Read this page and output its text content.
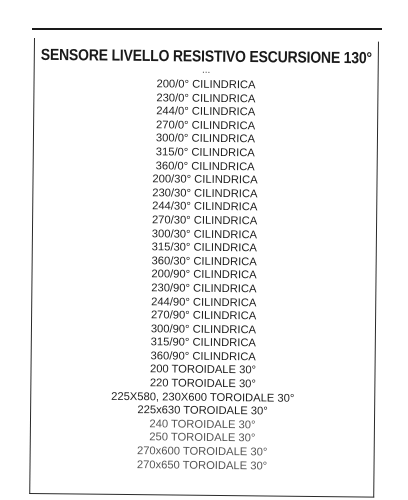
SENSORE LIVELLO RESISTIVO ESCURSIONE 130°
...
200/0° CILINDRICA
230/0° CILINDRICA
244/0° CILINDRICA
270/0° CILINDRICA
300/0° CILINDRICA
315/0° CILINDRICA
360/0° CILINDRICA
200/30° CILINDRICA
230/30° CILINDRICA
244/30° CILINDRICA
270/30° CILINDRICA
300/30° CILINDRICA
315/30° CILINDRICA
360/30° CILINDRICA
200/90° CILINDRICA
230/90° CILINDRICA
244/90° CILINDRICA
270/90° CILINDRICA
300/90° CILINDRICA
315/90° CILINDRICA
360/90° CILINDRICA
200 TOROIDALE 30°
220 TOROIDALE 30°
225X580, 230X600 TOROIDALE 30°
225x630 TOROIDALE 30°
240 TOROIDALE 30°
250 TOROIDALE 30°
270x600 TOROIDALE 30°
270x650 TOROIDALE 30°
